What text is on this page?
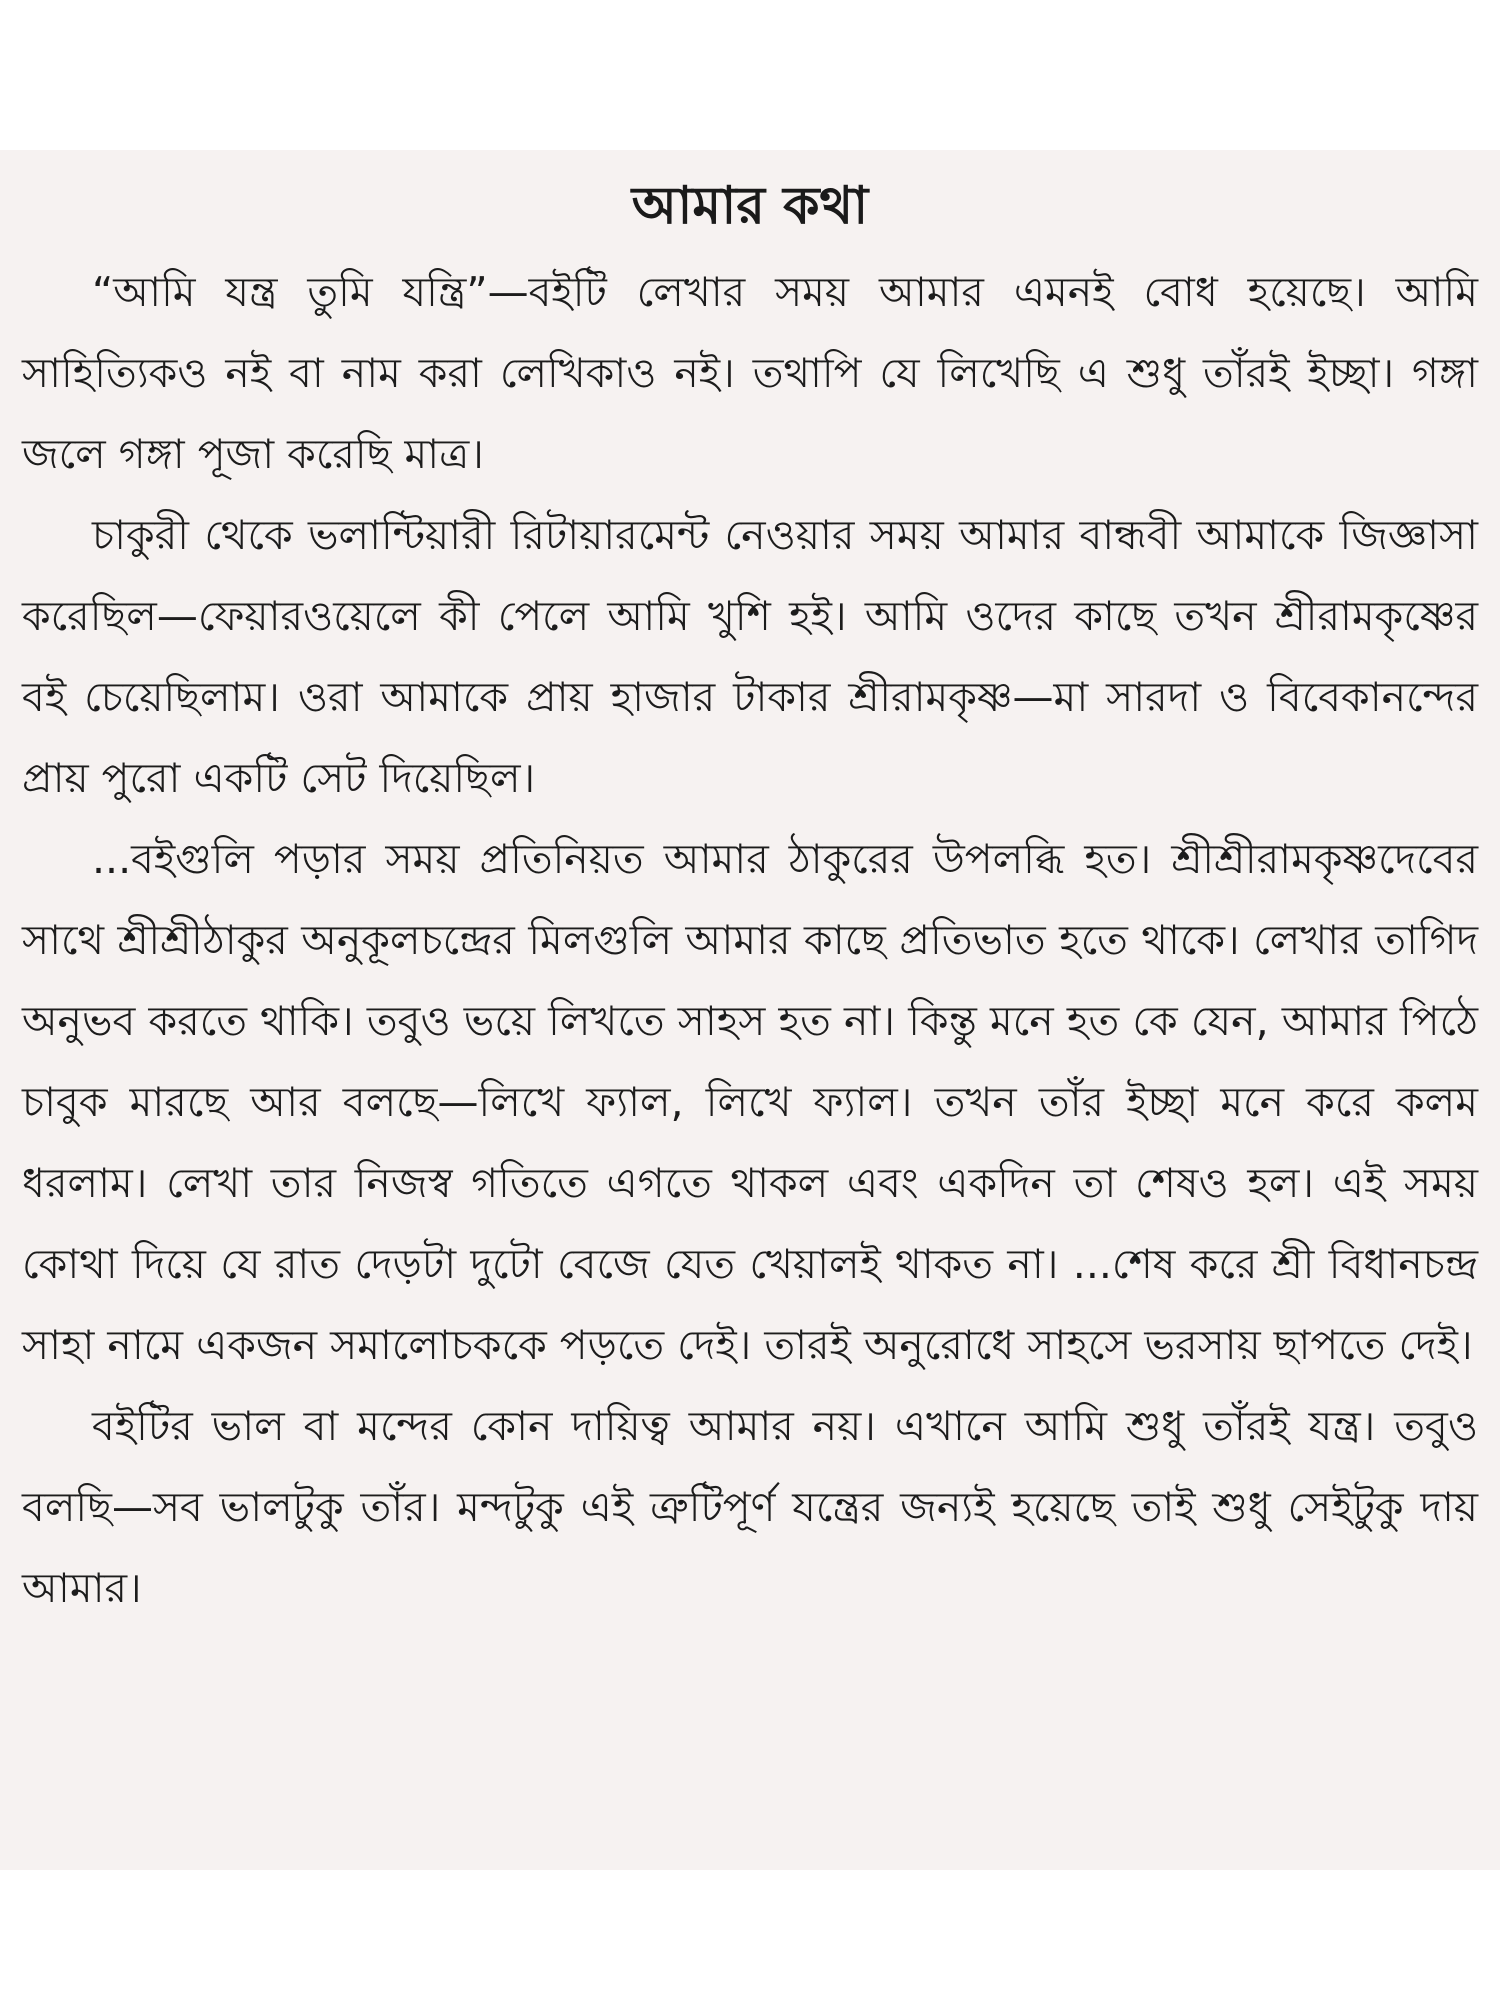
আমার কথা

“আমি যন্ত্র তুমি যন্ত্রি”—বইটি লেখার সময় আমার এমনই বোধ হয়েছে। আমি সাহিত্যিকও নই বা নাম করা লেখিকাও নই। তথাপি যে লিখেছি এ শুধু তাঁরই ইচ্ছা। গঙ্গা জলে গঙ্গা পূজা করেছি মাত্র।

চাকুরী থেকে ভলান্টিয়ারী রিটায়ারমেন্ট নেওয়ার সময় আমার বান্ধবী আমাকে জিজ্ঞাসা করেছিল—ফেয়ারওয়েলে কী পেলে আমি খুশি হই। আমি ওদের কাছে তখন শ্রীরামকৃষ্ণের বই চেয়েছিলাম। ওরা আমাকে প্রায় হাজার টাকার শ্রীরামকৃষ্ণ—মা সারদা ও বিবেকানন্দের প্রায় পুরো একটি সেট দিয়েছিল।

...বইগুলি পড়ার সময় প্রতিনিয়ত আমার ঠাকুরের উপলব্ধি হত। শ্রীশ্রীরামকৃষ্ণদেবের সাথে শ্রীশ্রীঠাকুর অনুকূলচন্দ্রের মিলগুলি আমার কাছে প্রতিভাত হতে থাকে। লেখার তাগিদ অনুভব করতে থাকি। তবুও ভয়ে লিখতে সাহস হত না। কিন্তু মনে হত কে যেন, আমার পিঠে চাবুক মারছে আর বলছে—লিখে ফ্যাল, লিখে ফ্যাল। তখন তাঁর ইচ্ছা মনে করে কলম ধরলাম। লেখা তার নিজস্ব গতিতে এগতে থাকল এবং একদিন তা শেষও হল। এই সময় কোথা দিয়ে যে রাত দেড়টা দুটো বেজে যেত খেয়ালই থাকত না। ...শেষ করে শ্রী বিধানচন্দ্র সাহা নামে একজন সমালোচককে পড়তে দেই। তারই অনুরোধে সাহসে ভরসায় ছাপতে দেই।

বইটির ভাল বা মন্দের কোন দায়িত্ব আমার নয়। এখানে আমি শুধু তাঁরই যন্ত্র। তবুও বলছি—সব ভালটুকু তাঁর। মন্দটুকু এই ত্রুটিপূর্ণ যন্ত্রের জন্যই হয়েছে তাই শুধু সেইটুকু দায় আমার।
